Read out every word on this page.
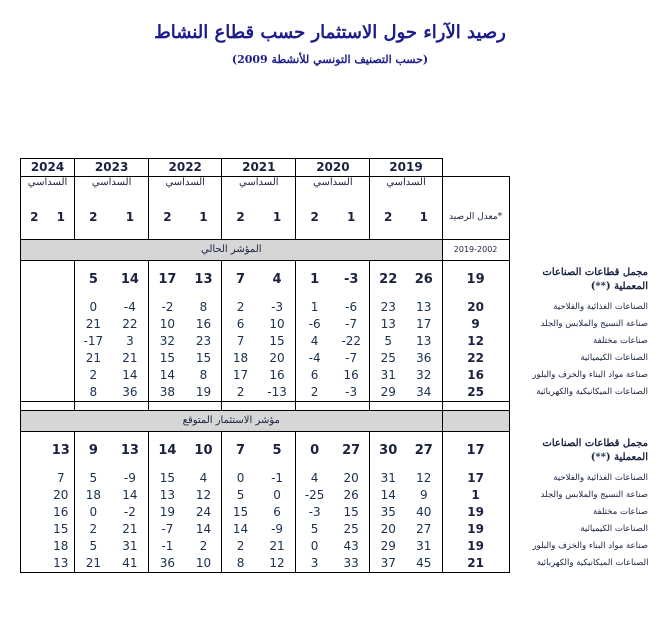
رصيد الآراء حول الاستثمار حسب قطاع النشاط
(حسب التصنيف التونسي للأنشطة 2009)
2024		2023		2022		2021		2020		2019			
السداسي		السداسي		السداسي		السداسي		السداسي		السداسي			
2	1	2	1	2	1	2	1	2	1	2	1	معدل الرصيد*	
المؤشر الحالي												2019-2002	
		5	14	17	13	7	4	1	-3	22	26	19	مجمل قطاعات الصناعات
المعملية (**)

		0	-4	-2	8	2	-3	1	-6	23	13	20	الصناعات الغذائية والفلاحية
		21	22	10	16	6	10	-6	-7	13	17	9	صناعة النسيج والملابس والجلد
		-17	3	32	23	7	15	4	-22	5	13	12	صناعات مختلفة
		21	21	15	15	18	20	-4	-7	25	36	22	الصناعات الكيميائية
		2	14	14	8	17	16	6	16	31	32	16	صناعة مواد البناء والخزف والبلور
		8	36	38	19	2	-13	2	-3	29	34	25	الصناعات الميكانيكية والكهربائية

مؤشر الاستثمار المتوقع													
	13	9	13	14	10	7	5	0	27	30	27	17	مجمل قطاعات الصناعات
المعملية (**)

	7	5	-9	15	4	0	-1	4	20	31	12	17	الصناعات الغذائية والفلاحية
	20	18	14	13	12	5	0	-25	26	14	9	1	صناعة النسيج والملابس والجلد
	16	0	-2	19	24	15	6	-3	15	35	40	19	صناعات مختلفة
	15	2	21	-7	14	14	-9	5	25	20	27	19	الصناعات الكيميائية
	18	5	31	-1	2	2	21	0	43	29	31	19	صناعة مواد البناء والخزف والبلور
	13	21	41	36	10	8	12	3	33	37	45	21	الصناعات الميكانيكية والكهربائية
